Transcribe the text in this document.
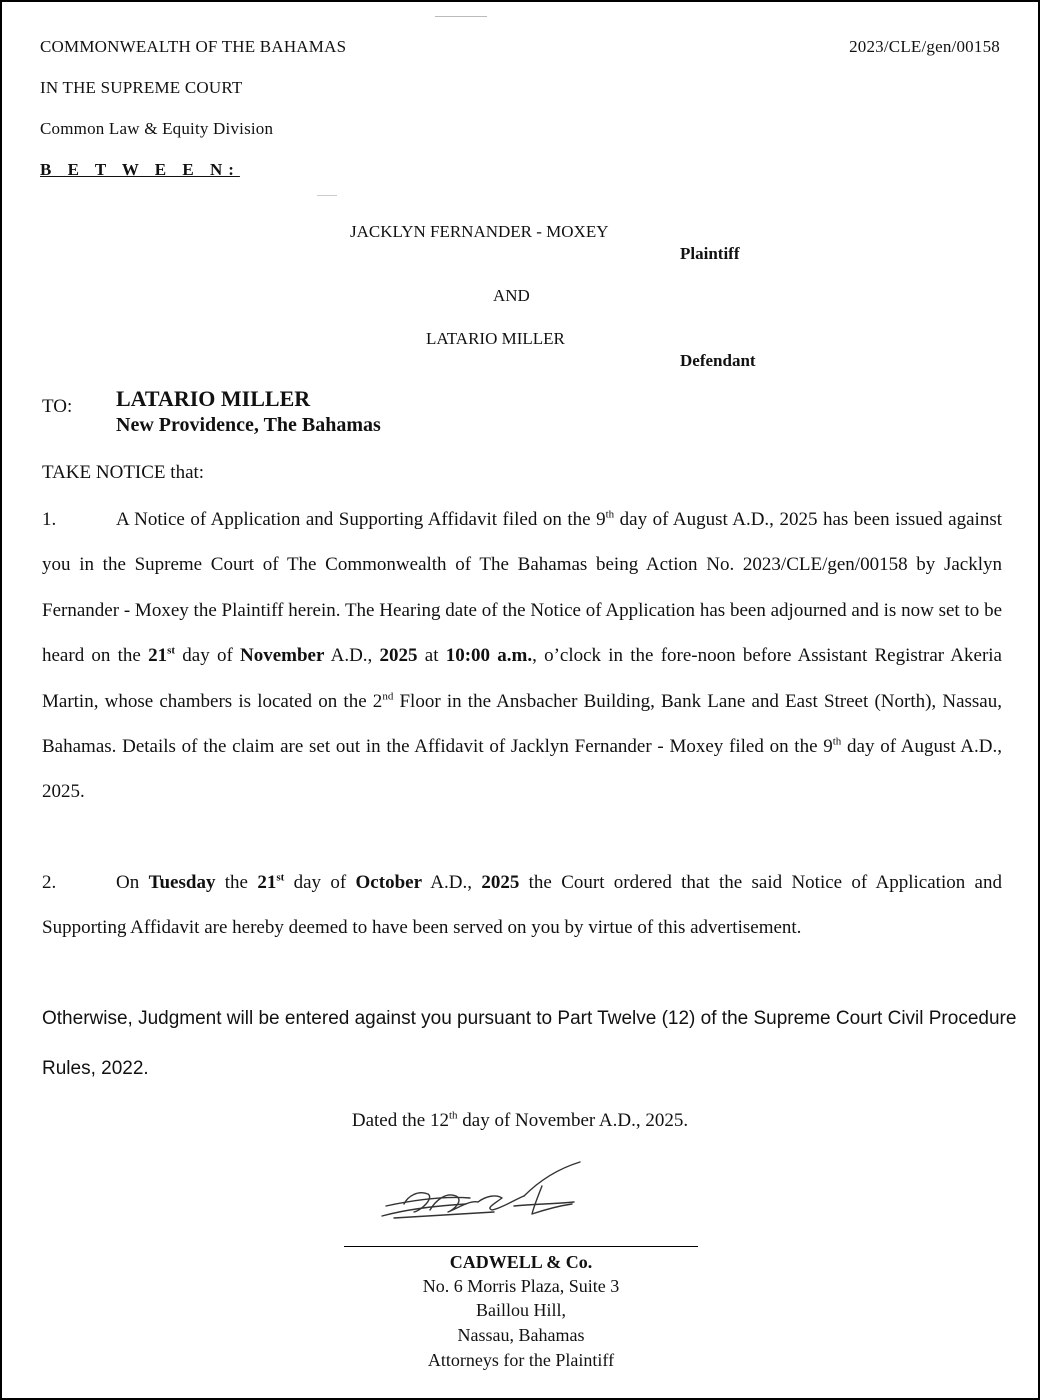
COMMONWEALTH OF THE BAHAMAS	2023/CLE/gen/00158
IN THE SUPREME COURT
Common Law & Equity Division
B E T W E E N:
JACKLYN FERNANDER - MOXEY
Plaintiff
AND
LATARIO MILLER
Defendant
TO: LATARIO MILLER
New Providence, The Bahamas
TAKE NOTICE that:
1.	A Notice of Application and Supporting Affidavit filed on the 9th day of August A.D., 2025 has been issued against you in the Supreme Court of The Commonwealth of The Bahamas being Action No. 2023/CLE/gen/00158 by Jacklyn Fernander - Moxey the Plaintiff herein. The Hearing date of the Notice of Application has been adjourned and is now set to be heard on the 21st day of November A.D., 2025 at 10:00 a.m., o’clock in the fore-noon before Assistant Registrar Akeria Martin, whose chambers is located on the 2nd Floor in the Ansbacher Building, Bank Lane and East Street (North), Nassau, Bahamas. Details of the claim are set out in the Affidavit of Jacklyn Fernander - Moxey filed on the 9th day of August A.D., 2025.
2.	On Tuesday the 21st day of October A.D., 2025 the Court ordered that the said Notice of Application and Supporting Affidavit are hereby deemed to have been served on you by virtue of this advertisement.
Otherwise, Judgment will be entered against you pursuant to Part Twelve (12) of the Supreme Court Civil Procedure Rules, 2022.
Dated the 12th day of November A.D., 2025.
CADWELL & Co.
No. 6 Morris Plaza, Suite 3
Baillou Hill,
Nassau, Bahamas
Attorneys for the Plaintiff
